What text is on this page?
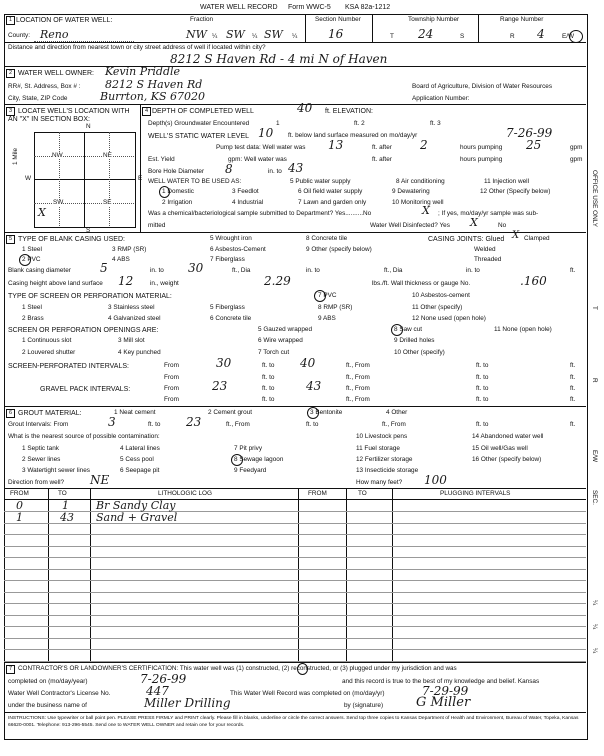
WATER WELL RECORD Form WWC-5 KSA 82a-1212
1 LOCATION OF WATER WELL:	Fraction	Section Number	Township Number	Range Number
County: Reno	NW ¼ SW ¼ SW ¼	16	T 24	S	R 4	E/W
Distance and direction from nearest town or city street address of well if located within city?
8212 S Haven Rd - 4 mi N of Haven
2 WATER WELL OWNER: Kevin Priddle
RR#, St. Address, Box # : 8212 S Haven Rd	Board of Agriculture, Division of Water Resources
City, State, ZIP Code	Burrton, KS 67020	Application Number:
3 LOCATE WELL'S LOCATION WITH
AN "X" IN SECTION BOX:
N
S
W	E
NW	NE
SW	SE
X
1 Mile
4 DEPTH OF COMPLETED WELL	40 ft. ELEVATION:
Depth(s) Groundwater Encountered	1	ft. 2	ft. 3
WELL'S STATIC WATER LEVEL 10 ft. below land surface measured on mo/day/yr	7-26-99
Pump test data: Well water was 13	ft. after 2	hours pumping 25	gpm
Est. Yield	gpm: Well water was	ft. after	hours pumping	gpm
Bore Hole Diameter 8	in. to 43
WELL WATER TO BE USED AS:	5 Public water supply	8 Air conditioning	11 Injection well
1 Domestic	3 Feedlot	6 Oil field water supply	9 Dewatering	12 Other (Specify below)
2 Irrigation	4 Industrial	7 Lawn and garden only	10 Monitoring well
Was a chemical/bacteriological sample submitted to Department? Yes..........No	X ; If yes, mo/day/yr sample was sub-
mitted	Water Well Disinfected? Yes X	No
5 TYPE OF BLANK CASING USED:
1 Steel
2 PVC
3 RMP (SR)
4 ABS
5 Wrought iron
6 Asbestos-Cement
7 Fiberglass
8 Concrete tile
9 Other (specify below)
CASING JOINTS: Glued X Clamped
Welded
Threaded
Blank casing diameter 5	in. to 30	ft., Dia	in. to	ft., Dia	in. to	ft.
Casing height above land surface 12	in., weight	2.29	lbs./ft. Wall thickness or gauge No.	.160
TYPE OF SCREEN OR PERFORATION MATERIAL:
1 Steel
2 Brass
3 Stainless steel
4 Galvanized steel
5 Fiberglass
6 Concrete tile
7 PVC
8 RMP (SR)
9 ABS
10 Asbestos-cement
11 Other (specify)
12 None used (open hole)
SCREEN OR PERFORATION OPENINGS ARE:
1 Continuous slot
2 Louvered shutter
3 Mill slot
4 Key punched
5 Gauzed wrapped
6 Wire wrapped
7 Torch cut
8 Saw cut
9 Drilled holes
10 Other (specify)
11 None (open hole)
SCREEN-PERFORATED INTERVALS:	From	30	ft. to 40	ft., From	ft. to	ft.
From	ft. to	ft., From	ft. to	ft.
GRAVEL PACK INTERVALS:	From	23	ft. to	43	ft., From	ft. to	ft.
From	ft. to	ft., From	ft. to	ft.
6 GROUT MATERIAL:	1 Neat cement	2 Cement grout	3 Bentonite	4 Other
Grout Intervals: From	3	ft. to 23	ft., From	ft. to	ft., From	ft. to	ft.
What is the nearest source of possible contamination:
1 Septic tank
2 Sewer lines
3 Watertight sewer lines
4 Lateral lines
5 Cess pool
6 Seepage pit
7 Pit privy
8 Sewage lagoon
9 Feedyard
10 Livestock pens
11 Fuel storage
12 Fertilizer storage
13 Insecticide storage
14 Abandoned water well
15 Oil well/Gas well
16 Other (specify below)
Direction from well? NE	How many feet? 100
FROM	TO	LITHOLOGIC LOG	FROM	TO	PLUGGING INTERVALS
0	1 Br Sandy Clay
1	43 Sand + Gravel
7 CONTRACTOR'S OR LANDOWNER'S CERTIFICATION: This water well was (1) constructed, (2) reconstructed, or (3) plugged under my jurisdiction and was
completed on (mo/day/year)	7-26-99	and this record is true to the best of my knowledge and belief. Kansas
Water Well Contractor's License No.	447	This Water Well Record was completed on (mo/day/yr)	7-29-99
under the business name of	Miller Drilling	by (signature)	G Miller
INSTRUCTIONS: Use typewriter or ball point pen. PLEASE PRESS FIRMLY and PRINT clearly. Please fill in blanks, underline or circle the correct answers. Send top three copies to Kansas Department of Health and Environment, Bureau of Water, Topeka, Kansas 66620-0001. Telephone: 913-296-5545. Send one to WATER WELL OWNER and retain one for your records.
OFFICE USE ONLY
T
R
E/W
SEC.
¼
¼
¼
